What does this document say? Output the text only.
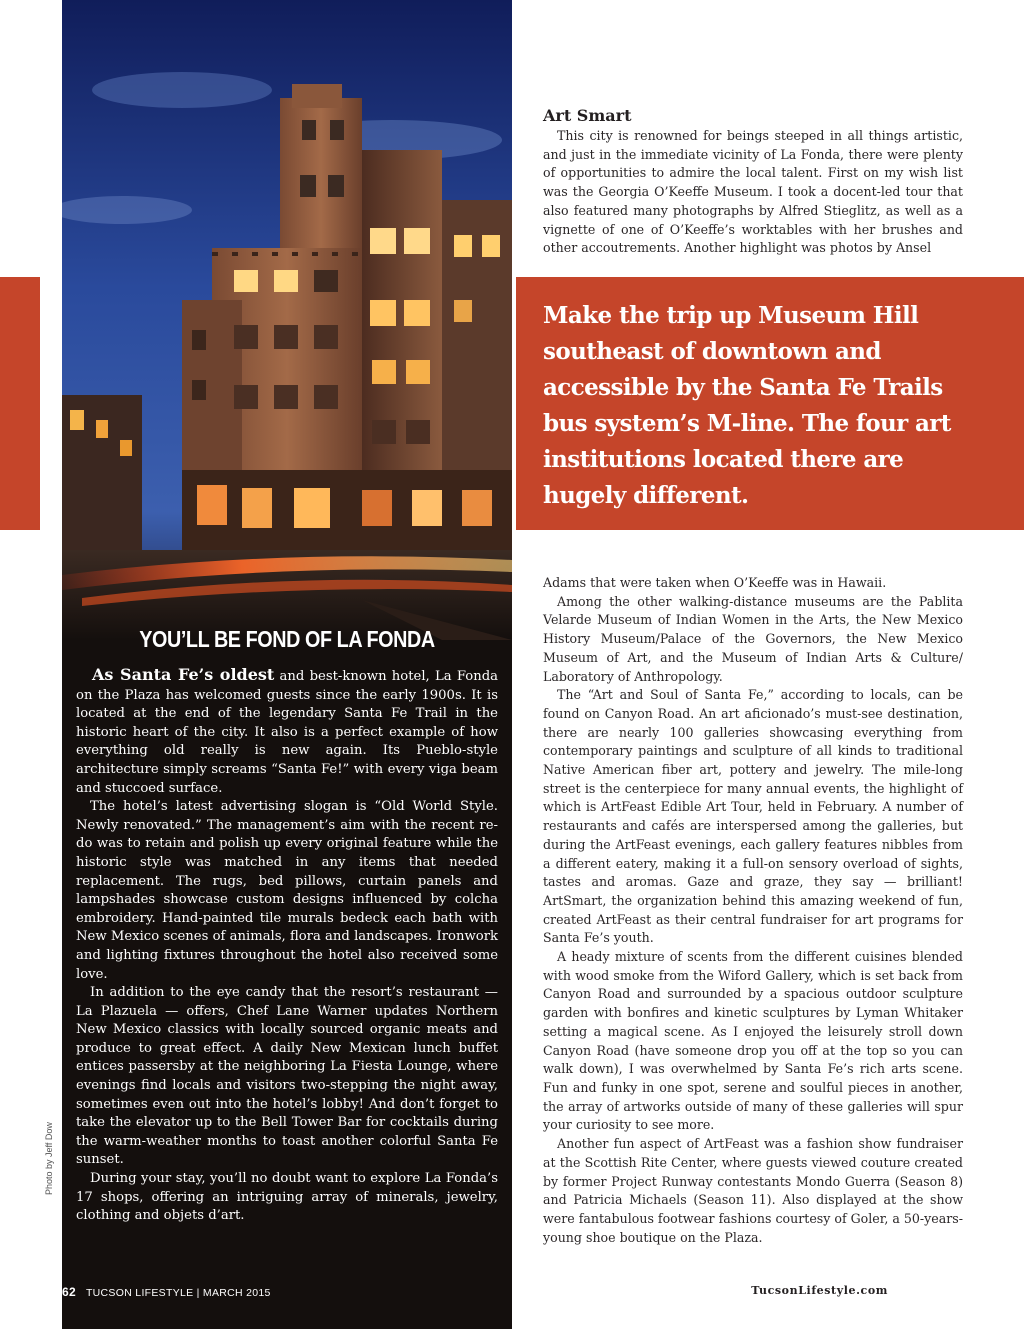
YOU’LL BE FOND OF LA FONDA

As Santa Fe’s oldest and best-known hotel, La Fonda on the Plaza has welcomed guests since the early 1900s. It is located at the end of the legendary Santa Fe Trail in the historic heart of the city. It also is a perfect example of how everything old really is new again. Its Pueblo-style architecture simply screams “Santa Fe!” with every viga beam and stuccoed surface.

The hotel’s latest advertising slogan is “Old World Style. Newly renovated.” The management’s aim with the recent re-do was to retain and polish up every original feature while the historic style was matched in any items that needed replacement. The rugs, bed pillows, curtain panels and lampshades showcase custom designs influenced by colcha embroidery. Hand-painted tile murals bedeck each bath with New Mexico scenes of animals, flora and landscapes. Ironwork and lighting fixtures throughout the hotel also received some love.

In addition to the eye candy that the resort’s restaurant — La Plazuela — offers, Chef Lane Warner updates Northern New Mexico classics with locally sourced organic meats and produce to great effect. A daily New Mexican lunch buffet entices passersby at the neighboring La Fiesta Lounge, where evenings find locals and visitors two-stepping the night away, sometimes even out into the hotel’s lobby! And don’t forget to take the elevator up to the Bell Tower Bar for cocktails during the warm-weather months to toast another colorful Santa Fe sunset.

During your stay, you’ll no doubt want to explore La Fonda’s 17 shops, offering an intriguing array of minerals, jewelry, clothing and objets d’art.

Photo by Jeff Dow
Art Smart

This city is renowned for beings steeped in all things artistic, and just in the immediate vicinity of La Fonda, there were plenty of opportunities to admire the local talent. First on my wish list was the Georgia O’Keeffe Museum. I took a docent-led tour that also featured many photographs by Alfred Stieglitz, as well as a vignette of one of O’Keeffe’s worktables with her brushes and other accoutrements. Another highlight was photos by Ansel

Make the trip up Museum Hill southeast of downtown and accessible by the Santa Fe Trails bus system’s M-line. The four art institutions located there are hugely different.

Adams that were taken when O’Keeffe was in Hawaii.

Among the other walking-distance museums are the Pablita Velarde Museum of Indian Women in the Arts, the New Mexico History Museum/Palace of the Governors, the New Mexico Museum of Art, and the Museum of Indian Arts & Culture/ Laboratory of Anthropology.

The “Art and Soul of Santa Fe,” according to locals, can be found on Canyon Road. An art aficionado’s must-see destination, there are nearly 100 galleries showcasing everything from contemporary paintings and sculpture of all kinds to traditional Native American fiber art, pottery and jewelry. The mile-long street is the centerpiece for many annual events, the highlight of which is ArtFeast Edible Art Tour, held in February. A number of restaurants and cafés are interspersed among the galleries, but during the ArtFeast evenings, each gallery features nibbles from a different eatery, making it a full-on sensory overload of sights, tastes and aromas. Gaze and graze, they say — brilliant! ArtSmart, the organization behind this amazing weekend of fun, created ArtFeast as their central fundraiser for art programs for Santa Fe’s youth.

A heady mixture of scents from the different cuisines blended with wood smoke from the Wiford Gallery, which is set back from Canyon Road and surrounded by a spacious outdoor sculpture garden with bonfires and kinetic sculptures by Lyman Whitaker setting a magical scene. As I enjoyed the leisurely stroll down Canyon Road (have someone drop you off at the top so you can walk down), I was overwhelmed by Santa Fe’s rich arts scene. Fun and funky in one spot, serene and soulful pieces in another, the array of artworks outside of many of these galleries will spur your curiosity to see more.

Another fun aspect of ArtFeast was a fashion show fundraiser at the Scottish Rite Center, where guests viewed couture created by former Project Runway contestants Mondo Guerra (Season 8) and Patricia Michaels (Season 11). Also displayed at the show were fantabulous footwear fashions courtesy of Goler, a 50-years-young shoe boutique on the Plaza.

62 TUCSON LIFESTYLE | MARCH 2015	TucsonLifestyle.com
